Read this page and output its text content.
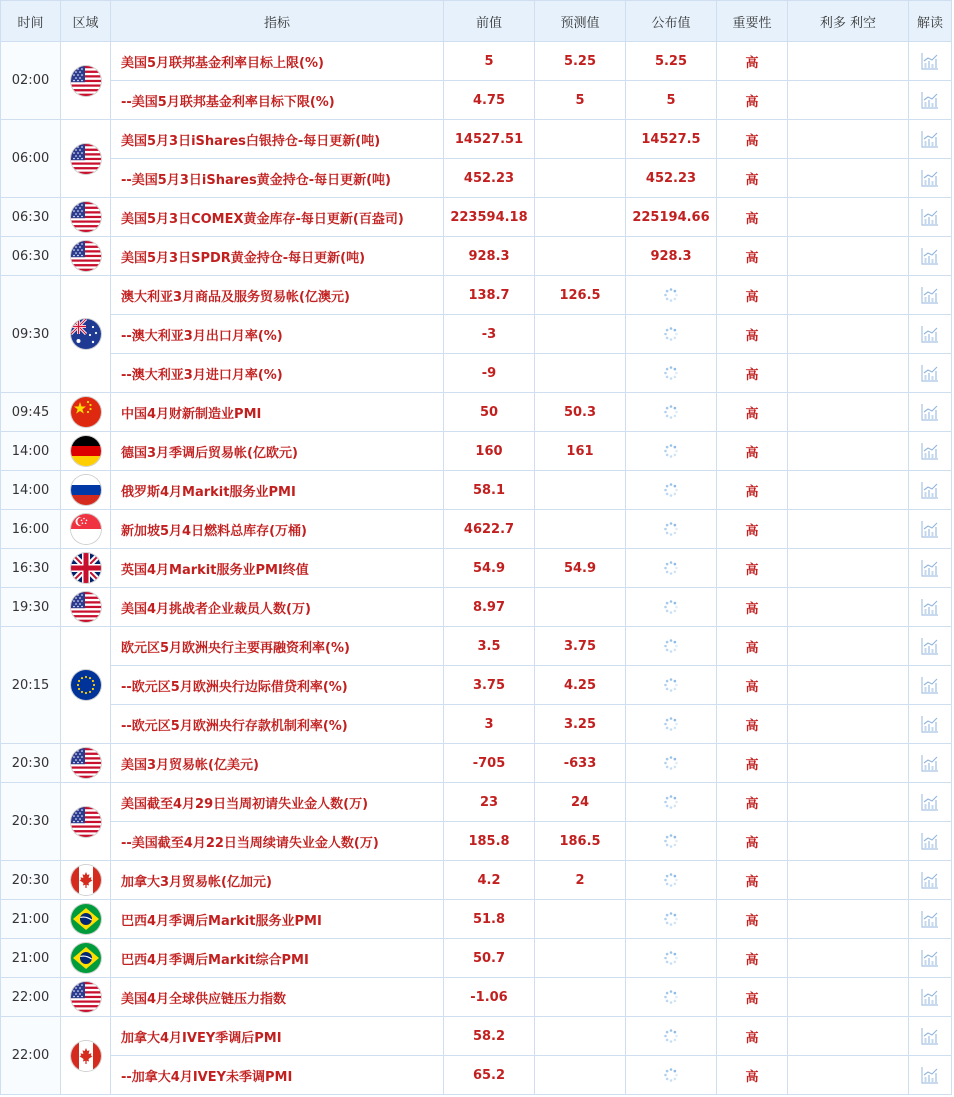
时间	区域	指标	前值	预测值	公布值	重要性	利多 利空	解读
02:00		美国5月联邦基金利率目标上限(%)	5	5.25	5.25	高		

		--美国5月联邦基金利率目标下限(%)	4.75	5	5	高		

06:00		美国5月3日iShares白银持仓-每日更新(吨)	14527.51		14527.5	高		

		--美国5月3日iShares黄金持仓-每日更新(吨)	452.23		452.23	高		

06:30		美国5月3日COMEX黄金库存-每日更新(百盎司)	223594.18		225194.66	高		

06:30		美国5月3日SPDR黄金持仓-每日更新(吨)	928.3		928.3	高		

09:30		澳大利亚3月商品及服务贸易帐(亿澳元)	138.7	126.5		高		

		--澳大利亚3月出口月率(%)	-3			高		

		--澳大利亚3月进口月率(%)	-9			高		

09:45		中国4月财新制造业PMI	50	50.3		高		

14:00		德国3月季调后贸易帐(亿欧元)	160	161		高		

14:00		俄罗斯4月Markit服务业PMI	58.1			高		

16:00		新加坡5月4日燃料总库存(万桶)	4622.7			高		

16:30		英国4月Markit服务业PMI终值	54.9	54.9		高		

19:30		美国4月挑战者企业裁员人数(万)	8.97			高		

20:15		欧元区5月欧洲央行主要再融资利率(%)	3.5	3.75		高		

		--欧元区5月欧洲央行边际借贷利率(%)	3.75	4.25		高		

		--欧元区5月欧洲央行存款机制利率(%)	3	3.25		高		

20:30		美国3月贸易帐(亿美元)	-705	-633		高		

20:30		美国截至4月29日当周初请失业金人数(万)	23	24		高		

		--美国截至4月22日当周续请失业金人数(万)	185.8	186.5		高		

20:30		加拿大3月贸易帐(亿加元)	4.2	2		高		

21:00		巴西4月季调后Markit服务业PMI	51.8			高		

21:00		巴西4月季调后Markit综合PMI	50.7			高		

22:00		美国4月全球供应链压力指数	-1.06			高		

22:00		加拿大4月IVEY季调后PMI	58.2			高		

		--加拿大4月IVEY未季调PMI	65.2			高		
